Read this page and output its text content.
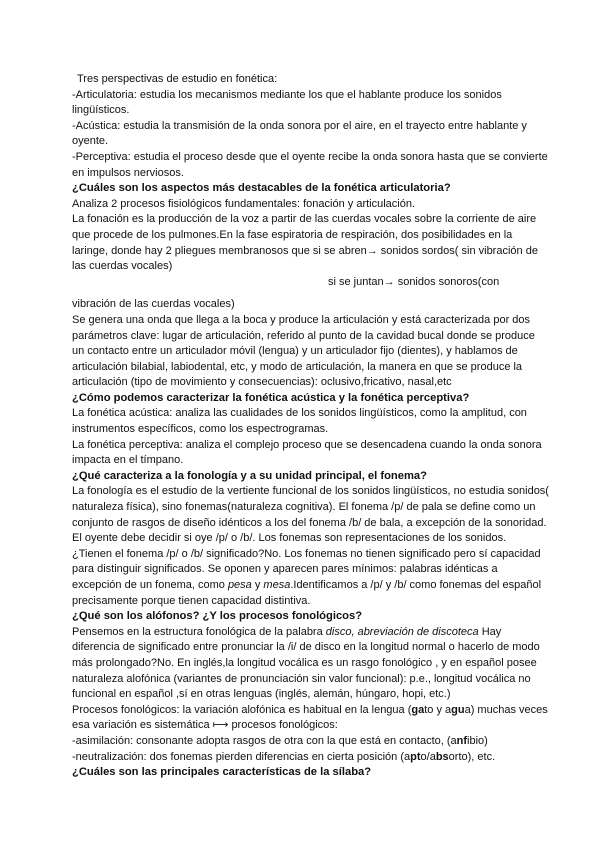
Tres perspectivas de estudio en fonética:

-Articulatoria: estudia los mecanismos mediante los que el hablante produce los sonidos lingüísticos.

-Acústica: estudia la transmisión de la onda sonora por el aire, en el trayecto entre hablante y oyente.

-Perceptiva: estudia el proceso desde que el oyente recibe la onda sonora hasta que se convierte en impulsos nerviosos.

¿Cuáles son los aspectos más destacables de la fonética articulatoria?

Analiza 2 procesos fisiológicos fundamentales: fonación y articulación.

La fonación es la producción de la voz a partir de las cuerdas vocales sobre la corriente de aire que procede de los pulmones.En la fase espiratoria de respiración, dos posibilidades en la laringe, donde hay 2 pliegues membranosos que si se abren→ sonidos sordos( sin vibración de las cuerdas vocales)

si se juntan→ sonidos sonoros(con

vibración de las cuerdas vocales)

Se genera una onda que llega a la boca y produce la articulación y está caracterizada por dos parámetros clave: lugar de articulación, referido al punto de la cavidad bucal donde se produce un contacto entre un articulador móvil (lengua) y un articulador fijo (dientes), y hablamos de articulación bilabial, labiodental, etc, y modo de articulación, la manera en que se produce la articulación (tipo de movimiento y consecuencias): oclusivo,fricativo, nasal,etc

¿Cómo podemos caracterizar la fonética acústica y la fonética perceptiva?

La fonética acústica: analiza las cualidades de los sonidos lingüísticos, como la amplitud, con instrumentos específicos, como los espectrogramas.

La fonética perceptiva: analiza el complejo proceso que se desencadena cuando la onda sonora impacta en el tímpano.

¿Qué caracteriza a la fonología y a su unidad principal, el fonema?

La fonología es el estudio de la vertiente funcional de los sonidos lingüísticos, no estudia sonidos( naturaleza física), sino fonemas(naturaleza cognitiva). El fonema /p/ de pala se define como un conjunto de rasgos de diseño idénticos a los del fonema /b/ de bala, a excepción de la sonoridad. El oyente debe decidir si oye /p/ o /b/. Los fonemas son representaciones de los sonidos.

¿Tienen el fonema /p/ o /b/ significado?No. Los fonemas no tienen significado pero sí capacidad para distinguir significados. Se oponen y aparecen pares mínimos: palabras idénticas a excepción de un fonema, como pesa y mesa.Identificamos a /p/ y /b/ como fonemas del español precisamente porque tienen capacidad distintiva.

¿Qué son los alófonos? ¿Y los procesos fonológicos?

Pensemos en la estructura fonológica de la palabra disco, abreviación de discoteca Hay diferencia de significado entre pronunciar la /i/ de disco en la longitud normal o hacerlo de modo más prolongado?No. En inglés,la longitud vocálica es un rasgo fonológico , y en español posee naturaleza alofónica (variantes de pronunciación sin valor funcional): p.e., longitud vocálica no funcional en español ,sí en otras lenguas (inglés, alemán, húngaro, hopi, etc.)

Procesos fonológicos: la variación alofónica es habitual en la lengua (gato y agua) muchas veces esa variación es sistemática ⟼ procesos fonológicos:

-asimilación: consonante adopta rasgos de otra con la que está en contacto, (anfibio)

-neutralización: dos fonemas pierden diferencias en cierta posición (apto/absorto), etc.

¿Cuáles son las principales características de la sílaba?
